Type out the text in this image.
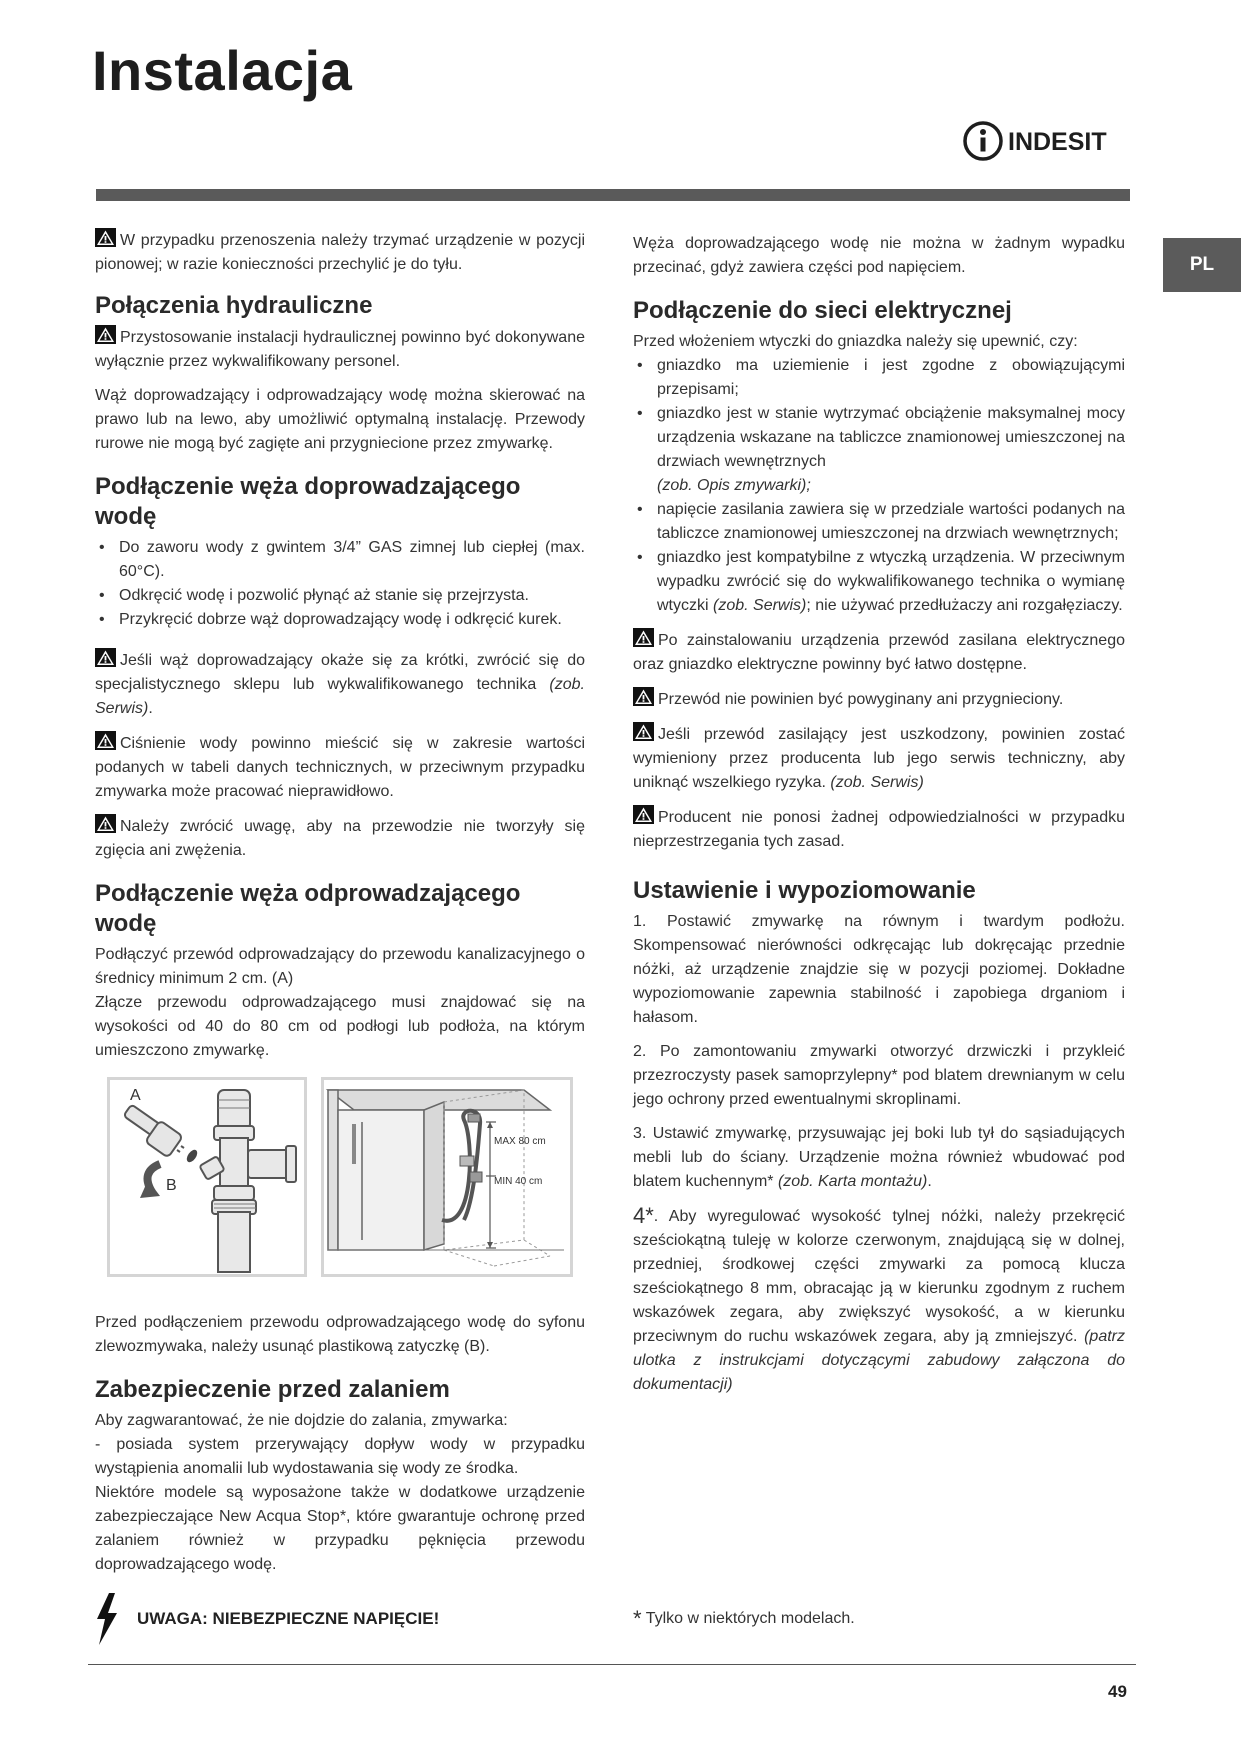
Instalacja
INDESIT
PL

W przypadku przenoszenia należy trzymać urządzenie w pozycji pionowej; w razie konieczności przechylić je do tyłu.

Połączenia hydrauliczne

Przystosowanie instalacji hydraulicznej powinno być dokonywane wyłącznie przez wykwalifikowany personel.

Wąż doprowadzający i odprowadzający wodę można skierować na prawo lub na lewo, aby umożliwić optymalną instalację. Przewody rurowe nie mogą być zagięte ani przygniecione przez zmywarkę.

Podłączenie węża doprowadzającego wodę
• Do zaworu wody z gwintem 3/4” GAS zimnej lub ciepłej (max. 60°C).
• Odkręcić wodę i pozwolić płynąć aż stanie się przejrzysta.
• Przykręcić dobrze wąż doprowadzający wodę i odkręcić kurek.

Jeśli wąż doprowadzający okaże się za krótki, zwrócić się do specjalistycznego sklepu lub wykwalifikowanego technika (zob. Serwis).

Ciśnienie wody powinno mieścić się w zakresie wartości podanych w tabeli danych technicznych, w przeciwnym przypadku zmywarka może pracować nieprawidłowo.

Należy zwrócić uwagę, aby na przewodzie nie tworzyły się zgięcia ani zwężenia.

Podłączenie węża odprowadzającego wodę

Podłączyć przewód odprowadzający do przewodu kanalizacyjnego o średnicy minimum 2 cm. (A)

Złącze przewodu odprowadzającego musi znajdować się na wysokości od 40 do 80 cm od podłogi lub podłoża, na którym umieszczono zmywarkę.

A
B
MAX 80 cm
MIN 40 cm

Przed podłączeniem przewodu odprowadzającego wodę do syfonu zlewozmywaka, należy usunąć plastikową zatyczkę (B).

Zabezpieczenie przed zalaniem

Aby zagwarantować, że nie dojdzie do zalania, zmywarka:

- posiada system przerywający dopływ wody w przypadku wystąpienia anomalii lub wydostawania się wody ze środka.

Niektóre modele są wyposażone także w dodatkowe urządzenie zabezpieczające New Acqua Stop*, które gwarantuje ochronę przed zalaniem również w przypadku pęknięcia przewodu doprowadzającego wodę.

UWAGA: NIEBEZPIECZNE NAPIĘCIE!

Węża doprowadzającego wodę nie można w żadnym wypadku przecinać, gdyż zawiera części pod napięciem.

Podłączenie do sieci elektrycznej

Przed włożeniem wtyczki do gniazdka należy się upewnić, czy:

• gniazdko ma uziemienie i jest zgodne z obowiązującymi przepisami;
• gniazdko jest w stanie wytrzymać obciążenie maksymalnej mocy urządzenia wskazane na tabliczce znamionowej umieszczonej na drzwiach wewnętrznych
(zob. Opis zmywarki);
• napięcie zasilania zawiera się w przedziale wartości podanych na tabliczce znamionowej umieszczonej na drzwiach wewnętrznych;
• gniazdko jest kompatybilne z wtyczką urządzenia. W przeciwnym wypadku zwrócić się do wykwalifikowanego technika o wymianę wtyczki (zob. Serwis); nie używać przedłużaczy ani rozgałęziaczy.

Po zainstalowaniu urządzenia przewód zasilana elektrycznego oraz gniazdko elektryczne powinny być łatwo dostępne.

Przewód nie powinien być powyginany ani przygnieciony.

Jeśli przewód zasilający jest uszkodzony, powinien zostać wymieniony przez producenta lub jego serwis techniczny, aby uniknąć wszelkiego ryzyka. (zob. Serwis)

Producent nie ponosi żadnej odpowiedzialności w przypadku nieprzestrzegania tych zasad.

Ustawienie i wypoziomowanie

1. Postawić zmywarkę na równym i twardym podłożu. Skompensować nierówności odkręcając lub dokręcając przednie nóżki, aż urządzenie znajdzie się w pozycji poziomej. Dokładne wypoziomowanie zapewnia stabilność i zapobiega drganiom i hałasom.

2. Po zamontowaniu zmywarki otworzyć drzwiczki i przykleić przezroczysty pasek samoprzylepny* pod blatem drewnianym w celu jego ochrony przed ewentualnymi skroplinami.

3. Ustawić zmywarkę, przysuwając jej boki lub tył do sąsiadujących mebli lub do ściany. Urządzenie można również wbudować pod blatem kuchennym* (zob. Karta montażu).

4*. Aby wyregulować wysokość tylnej nóżki, należy przekręcić sześciokątną tuleję w kolorze czerwonym, znajdującą się w dolnej, przedniej, środkowej części zmywarki za pomocą klucza sześciokątnego 8 mm, obracając ją w kierunku zgodnym z ruchem wskazówek zegara, aby zwiększyć wysokość, a w kierunku przeciwnym do ruchu wskazówek zegara, aby ją zmniejszyć. (patrz ulotka z instrukcjami dotyczącymi zabudowy załączona do dokumentacji)

* Tylko w niektórych modelach.
49
